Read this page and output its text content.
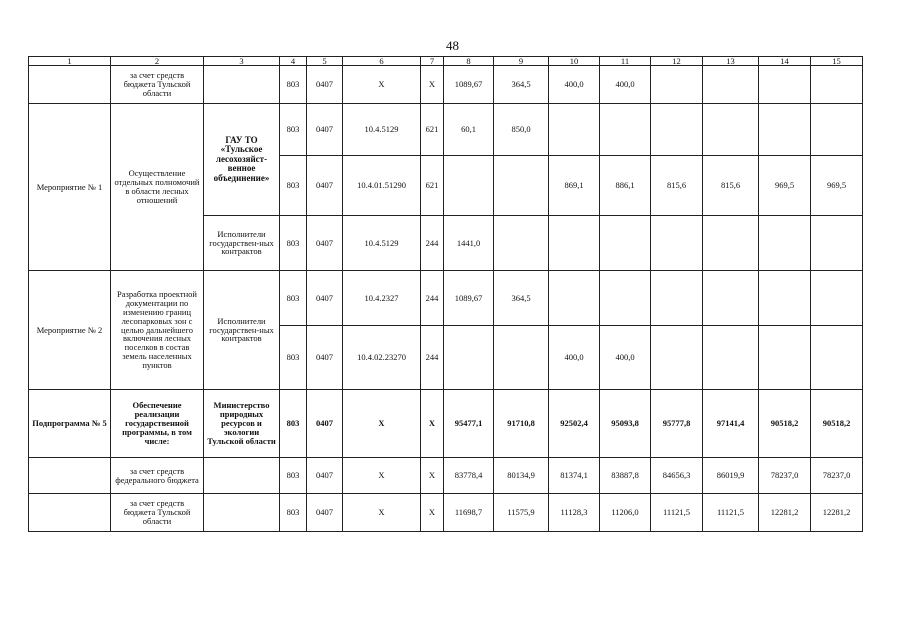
48
1	2	3	4	5	6	7	8	9	10	11	12	13	14	15
	за счет средств бюджета Тульской области		803	0407	Х	Х	1089,67	364,5	400,0	400,0				
Мероприятие № 1	Осуществление отдельных полномочий в области лесных отношений	ГАУ ТО «Тульское лесохозяйст-венное объединение»	803	0407	10.4.5129	621	60,1	850,0						
			803	0407	10.4.01.51290	621			869,1	886,1	815,6	815,6	969,5	969,5
		Исполнители государствен-ных контрактов	803	0407	10.4.5129	244	1441,0							
Мероприятие № 2	Разработка проектной документации по изменению границ лесопарковых зон с целью дальнейшего включения лесных поселков в состав земель населенных пунктов	Исполнители государствен-ных контрактов	803	0407	10.4.2327	244	1089,67	364,5						
			803	0407	10.4.02.23270	244			400,0	400,0				
Подпрограмма № 5	Обеспечение реализации государственной программы, в том числе:	Министерство природных ресурсов и экологии Тульской области	803	0407	Х	Х	95477,1	91710,8	92502,4	95093,8	95777,8	97141,4	90518,2	90518,2
	за счет средств федерального бюджета		803	0407	Х	Х	83778,4	80134,9	81374,1	83887,8	84656,3	86019,9	78237,0	78237,0
	за счет средств бюджета Тульской области		803	0407	Х	Х	11698,7	11575,9	11128,3	11206,0	11121,5	11121,5	12281,2	12281,2
